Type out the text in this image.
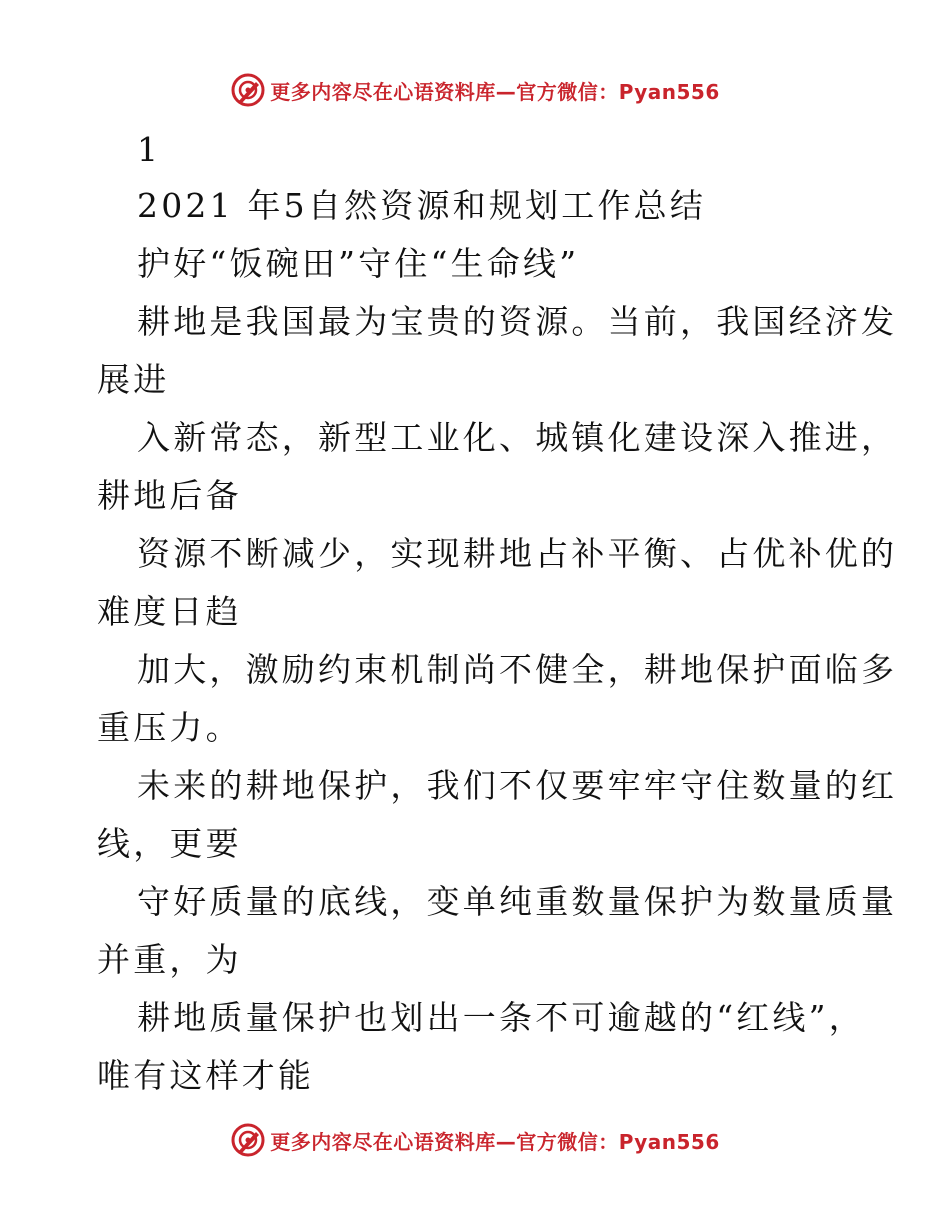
更多内容尽在心语资料库—官方微信：Pyan556
1
2021 年5自然资源和规划工作总结
护好“饭碗田”守住“生命线”
耕地是我国最为宝贵的资源。当前，我国经济发
展进
入新常态，新型工业化、城镇化建设深入推进，
耕地后备
资源不断减少，实现耕地占补平衡、占优补优的
难度日趋
加大，激励约束机制尚不健全，耕地保护面临多
重压力。
未来的耕地保护，我们不仅要牢牢守住数量的红
线，更要
守好质量的底线，变单纯重数量保护为数量质量
并重，为
耕地质量保护也划出一条不可逾越的“红线”，
唯有这样才能
更多内容尽在心语资料库—官方微信：Pyan556
